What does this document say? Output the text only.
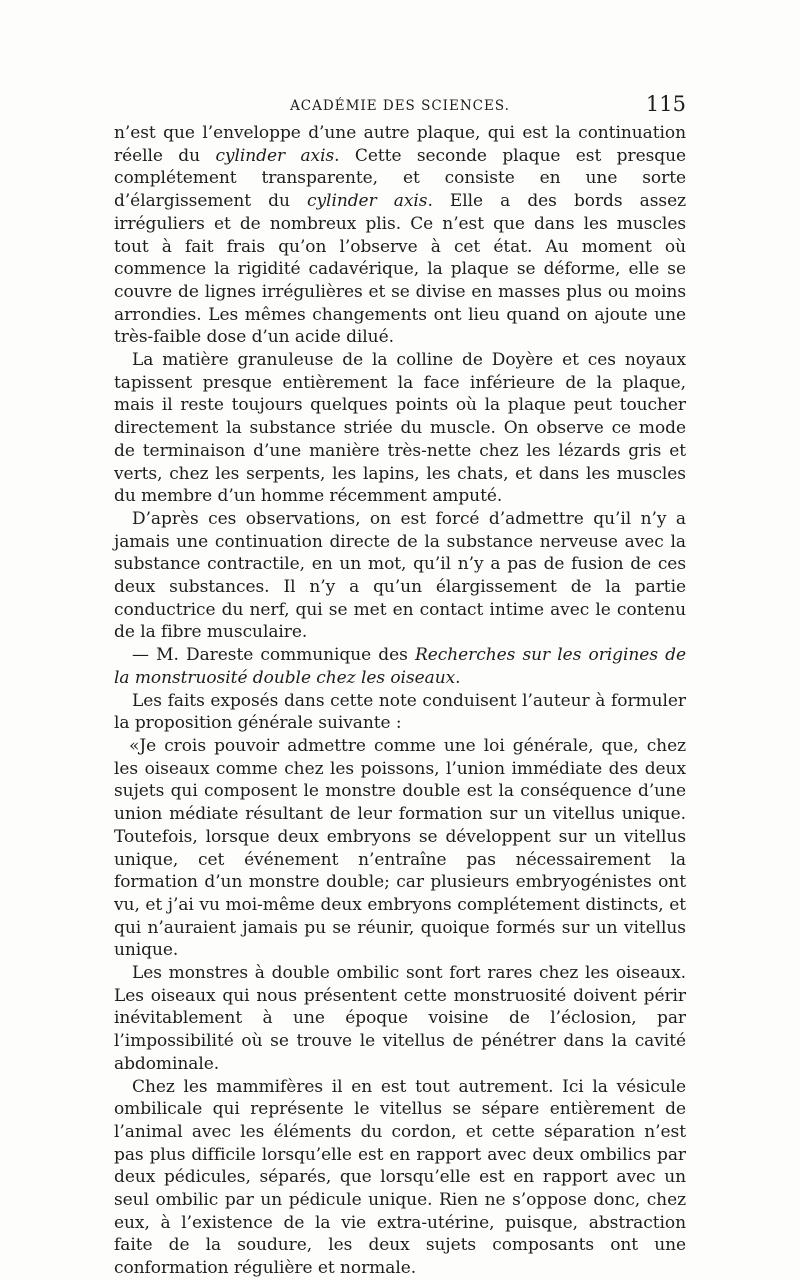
ACADÉMIE DES SCIENCES.	115

n’est que l’enveloppe d’une autre plaque, qui est la continuation réelle du cylinder axis. Cette seconde plaque est presque complétement transparente, et consiste en une sorte d’élargissement du cylinder axis. Elle a des bords assez irréguliers et de nombreux plis. Ce n’est que dans les muscles tout à fait frais qu’on l’observe à cet état. Au moment où commence la rigidité cadavérique, la plaque se déforme, elle se couvre de lignes irrégulières et se divise en masses plus ou moins arrondies. Les mêmes changements ont lieu quand on ajoute une très-faible dose d’un acide dilué.

La matière granuleuse de la colline de Doyère et ces noyaux tapissent presque entièrement la face inférieure de la plaque, mais il reste toujours quelques points où la plaque peut toucher directement la substance striée du muscle. On observe ce mode de terminaison d’une manière très-nette chez les lézards gris et verts, chez les serpents, les lapins, les chats, et dans les muscles du membre d’un homme récemment amputé.

D’après ces observations, on est forcé d’admettre qu’il n’y a jamais une continuation directe de la substance nerveuse avec la substance contractile, en un mot, qu’il n’y a pas de fusion de ces deux substances. Il n’y a qu’un élargissement de la partie conductrice du nerf, qui se met en contact intime avec le contenu de la fibre musculaire.

— M. Dareste communique des Recherches sur les origines de la monstruosité double chez les oiseaux.

Les faits exposés dans cette note conduisent l’auteur à formuler la proposition générale suivante :

«Je crois pouvoir admettre comme une loi générale, que, chez les oiseaux comme chez les poissons, l’union immédiate des deux sujets qui composent le monstre double est la conséquence d’une union médiate résultant de leur formation sur un vitellus unique. Toutefois, lorsque deux embryons se développent sur un vitellus unique, cet événement n’entraîne pas nécessairement la formation d’un monstre double; car plusieurs embryogénistes ont vu, et j’ai vu moi-même deux embryons complétement distincts, et qui n’auraient jamais pu se réunir, quoique formés sur un vitellus unique.

Les monstres à double ombilic sont fort rares chez les oiseaux. Les oiseaux qui nous présentent cette monstruosité doivent périr inévitablement à une époque voisine de l’éclosion, par l’impossibilité où se trouve le vitellus de pénétrer dans la cavité abdominale.

Chez les mammifères il en est tout autrement. Ici la vésicule ombilicale qui représente le vitellus se sépare entièrement de l’animal avec les éléments du cordon, et cette séparation n’est pas plus difficile lorsqu’elle est en rapport avec deux ombilics par deux pédicules, séparés, que lorsqu’elle est en rapport avec un seul ombilic par un pédicule unique. Rien ne s’oppose donc, chez eux, à l’existence de la vie extra-utérine, puisque, abstraction faite de la soudure, les deux sujets composants ont une conformation régulière et normale.
